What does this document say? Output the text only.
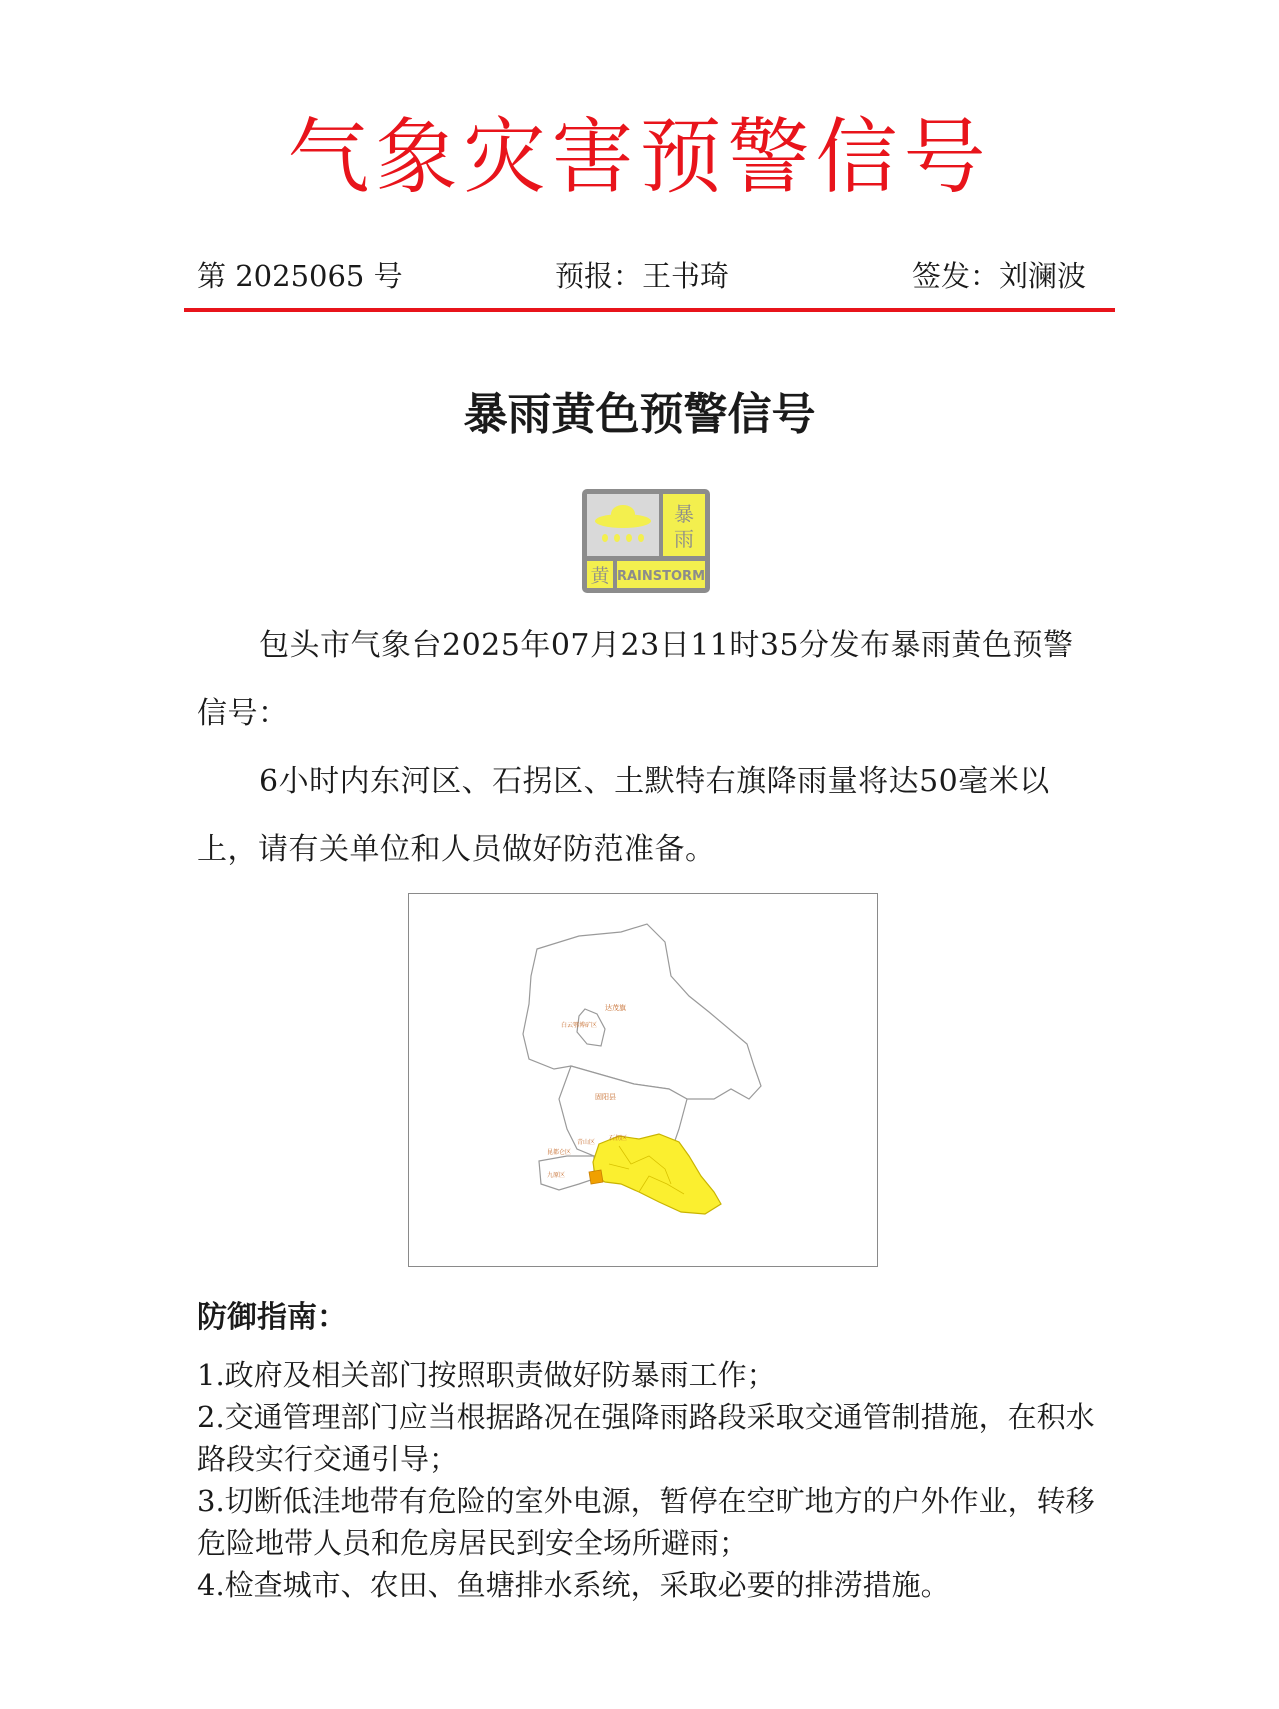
气象灾害预警信号
第 2025065 号	预报：王书琦	签发：刘澜波
暴雨黄色预警信号
暴
雨
黄 RAINSTORM
包头市气象台2025年07月23日11时35分发布暴雨黄色预警信号：
6小时内东河区、石拐区、土默特右旗降雨量将达50毫米以上，请有关单位和人员做好防范准备。
达茂旗
白云鄂博矿区
固阳县
石拐区
青山区
昆都仑区
九原区
防御指南：
1.政府及相关部门按照职责做好防暴雨工作；
2.交通管理部门应当根据路况在强降雨路段采取交通管制措施，在积水路段实行交通引导；
3.切断低洼地带有危险的室外电源，暂停在空旷地方的户外作业，转移危险地带人员和危房居民到安全场所避雨；
4.检查城市、农田、鱼塘排水系统，采取必要的排涝措施。
